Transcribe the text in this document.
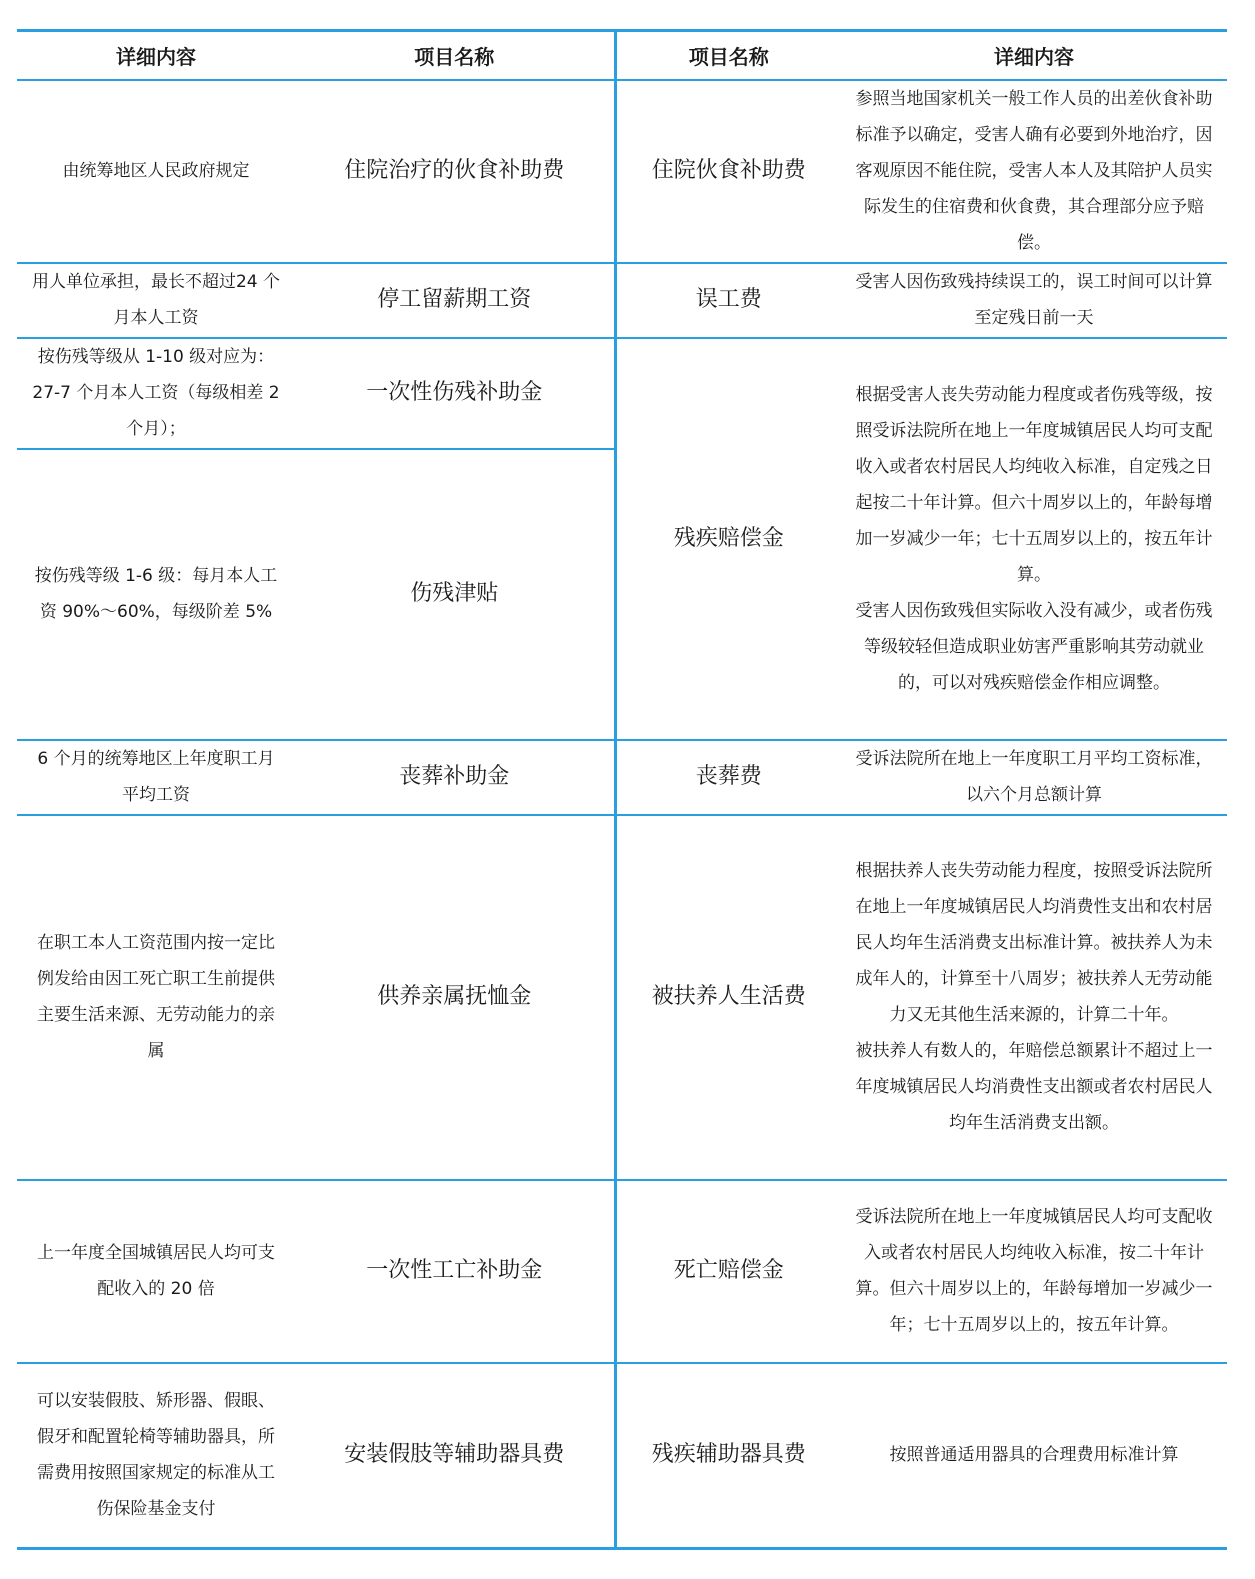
详细内容	项目名称	项目名称	详细内容
由统筹地区人民政府规定	住院治疗的伙食补助费	住院伙食补助费	参照当地国家机关一般工作人员的出差伙食补助标准予以确定，受害人确有必要到外地治疗，因客观原因不能住院，受害人本人及其陪护人员实际发生的住宿费和伙食费，其合理部分应予赔偿。
用人单位承担，最长不超过24 个月本人工资	停工留薪期工资	误工费	受害人因伤致残持续误工的，误工时间可以计算至定残日前一天
按伤残等级从 1-10 级对应为：27-7 个月本人工资（每级相差 2 个月）；	一次性伤残补助金	残疾赔偿金	根据受害人丧失劳动能力程度或者伤残等级，按照受诉法院所在地上一年度城镇居民人均可支配收入或者农村居民人均纯收入标准，自定残之日起按二十年计算。但六十周岁以上的，年龄每增加一岁减少一年；七十五周岁以上的，按五年计算。
受害人因伤致残但实际收入没有减少，或者伤残等级较轻但造成职业妨害严重影响其劳动就业的，可以对残疾赔偿金作相应调整。

按伤残等级 1-6 级：每月本人工资 90%～60%，每级阶差 5%	伤残津贴		
6 个月的统筹地区上年度职工月平均工资	丧葬补助金	丧葬费	受诉法院所在地上一年度职工月平均工资标准，以六个月总额计算
在职工本人工资范围内按一定比例发给由因工死亡职工生前提供主要生活来源、无劳动能力的亲属	供养亲属抚恤金	被扶养人生活费	根据扶养人丧失劳动能力程度，按照受诉法院所在地上一年度城镇居民人均消费性支出和农村居民人均年生活消费支出标准计算。被扶养人为未成年人的，计算至十八周岁；被扶养人无劳动能力又无其他生活来源的，计算二十年。
被扶养人有数人的，年赔偿总额累计不超过上一年度城镇居民人均消费性支出额或者农村居民人均年生活消费支出额。

上一年度全国城镇居民人均可支配收入的 20 倍	一次性工亡补助金	死亡赔偿金	受诉法院所在地上一年度城镇居民人均可支配收入或者农村居民人均纯收入标准，按二十年计算。但六十周岁以上的，年龄每增加一岁减少一年；七十五周岁以上的，按五年计算。
可以安装假肢、矫形器、假眼、假牙和配置轮椅等辅助器具，所需费用按照国家规定的标准从工伤保险基金支付	安装假肢等辅助器具费	残疾辅助器具费	按照普通适用器具的合理费用标准计算
